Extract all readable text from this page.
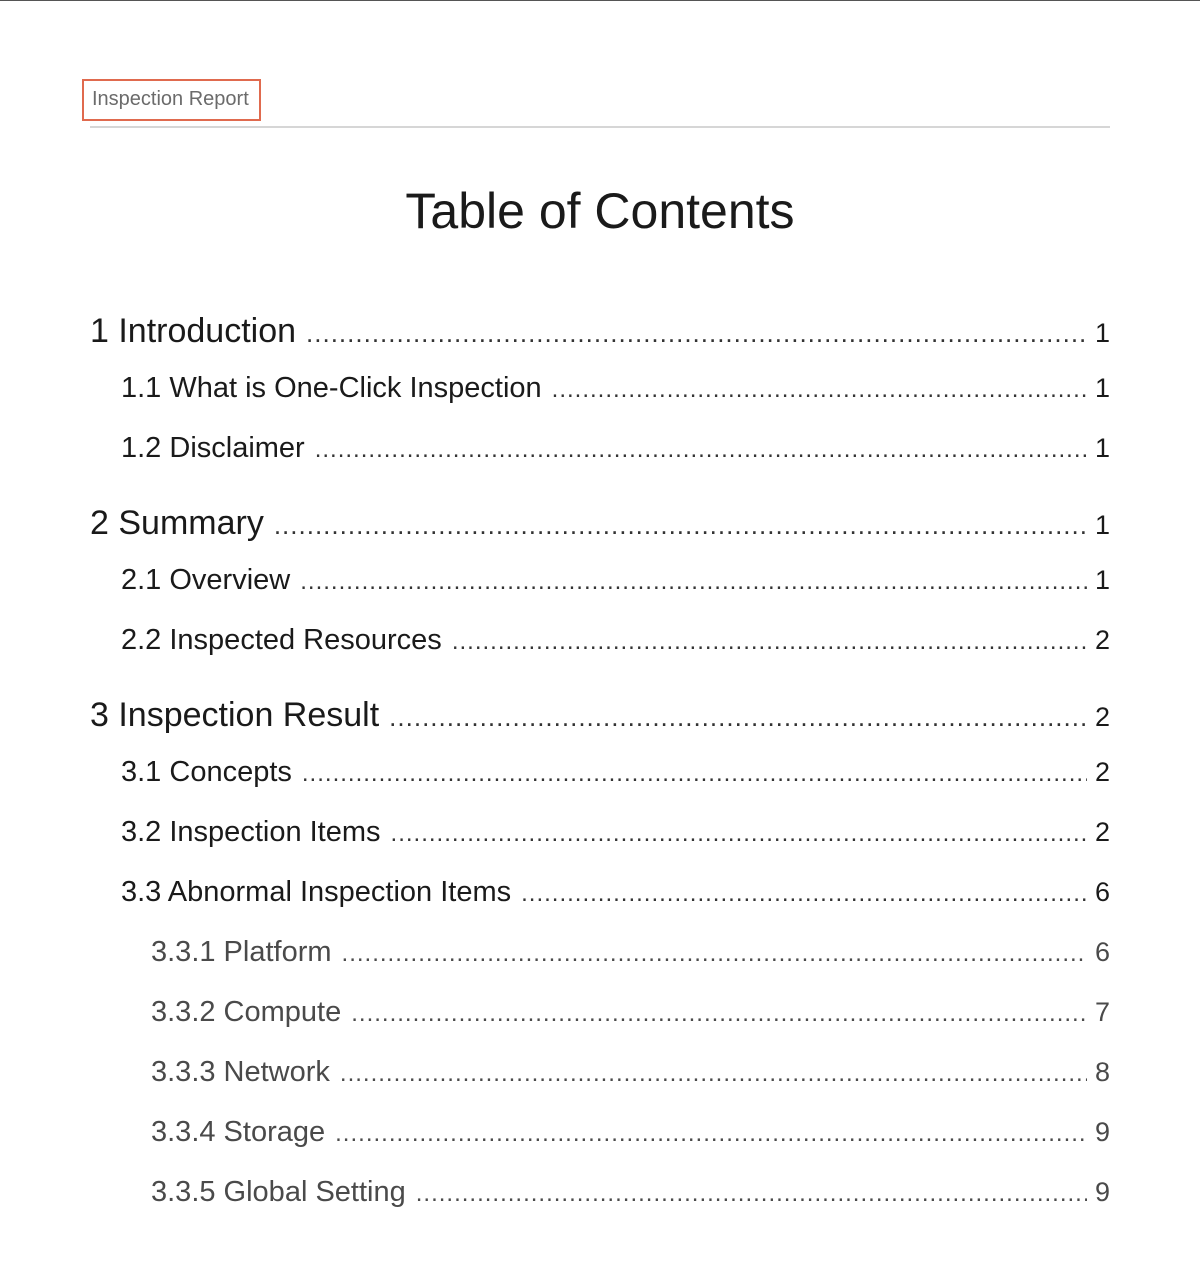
Inspection Report
Table of Contents
1 Introduction .....	1
1.1 What is One-Click Inspection .....	1
1.2 Disclaimer .....	1
2 Summary .....	1
2.1 Overview .....	1
2.2 Inspected Resources .....	2
3 Inspection Result .....	2
3.1 Concepts .....	2
3.2 Inspection Items .....	2
3.3 Abnormal Inspection Items .....	6
3.3.1 Platform .....	6
3.3.2 Compute .....	7
3.3.3 Network .....	8
3.3.4 Storage .....	9
3.3.5 Global Setting .....	9
